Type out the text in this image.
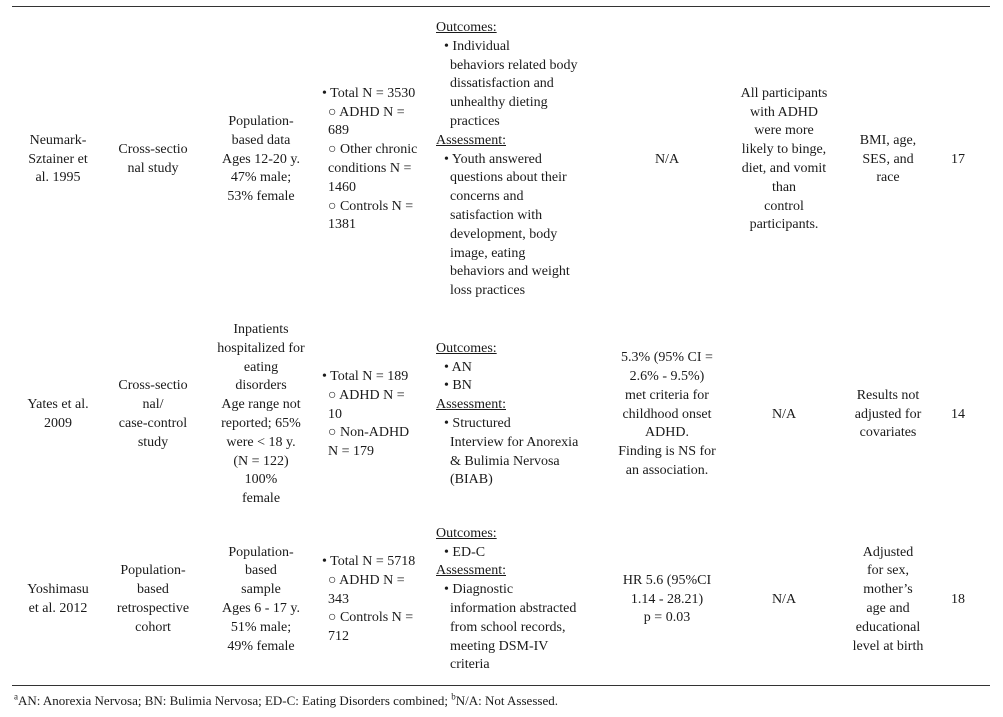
Neumark-
Sztainer et
al. 1995
Cross-sectio
nal study
Population-
based data
Ages 12-20 y.
47% male;
53% female
• Total N = 3530
○ ADHD N =
689
○ Other chronic
conditions N =
1460
○ Controls N =
1381
Outcomes:
• Individual
behaviors related body
dissatisfaction and
unhealthy dieting
practices
Assessment:
• Youth answered
questions about their
concerns and
satisfaction with
development, body
image, eating
behaviors and weight
loss practices
N/A
All participants
with ADHD
were more
likely to binge,
diet, and vomit
than
control
participants.
BMI, age,
SES, and
race
17
Yates et al.
2009
Cross-sectio
nal/
case-control
study
Inpatients
hospitalized for
eating
disorders
Age range not
reported; 65%
were < 18 y.
(N = 122)
100%
female
• Total N = 189
○ ADHD N =
10
○ Non-ADHD
N = 179
Outcomes:
• AN
• BN
Assessment:
• Structured
Interview for Anorexia
& Bulimia Nervosa
(BIAB)
5.3% (95% CI =
2.6% - 9.5%)
met criteria for
childhood onset
ADHD.
Finding is NS for
an association.
N/A
Results not
adjusted for
covariates
14
Yoshimasu
et al. 2012
Population-
based
retrospective
cohort
Population-
based
sample
Ages 6 - 17 y.
51% male;
49% female
• Total N = 5718
○ ADHD N =
343
○ Controls N =
712
Outcomes:
• ED-C
Assessment:
• Diagnostic
information abstracted
from school records,
meeting DSM-IV
criteria
HR 5.6 (95%CI
1.14 - 28.21)
p = 0.03
N/A
Adjusted
for sex,
mother’s
age and
educational
level at birth
18
$^a$AN: Anorexia Nervosa; BN: Bulimia Nervosa; ED-C: Eating Disorders combined; $^b$N/A: Not Assessed.
